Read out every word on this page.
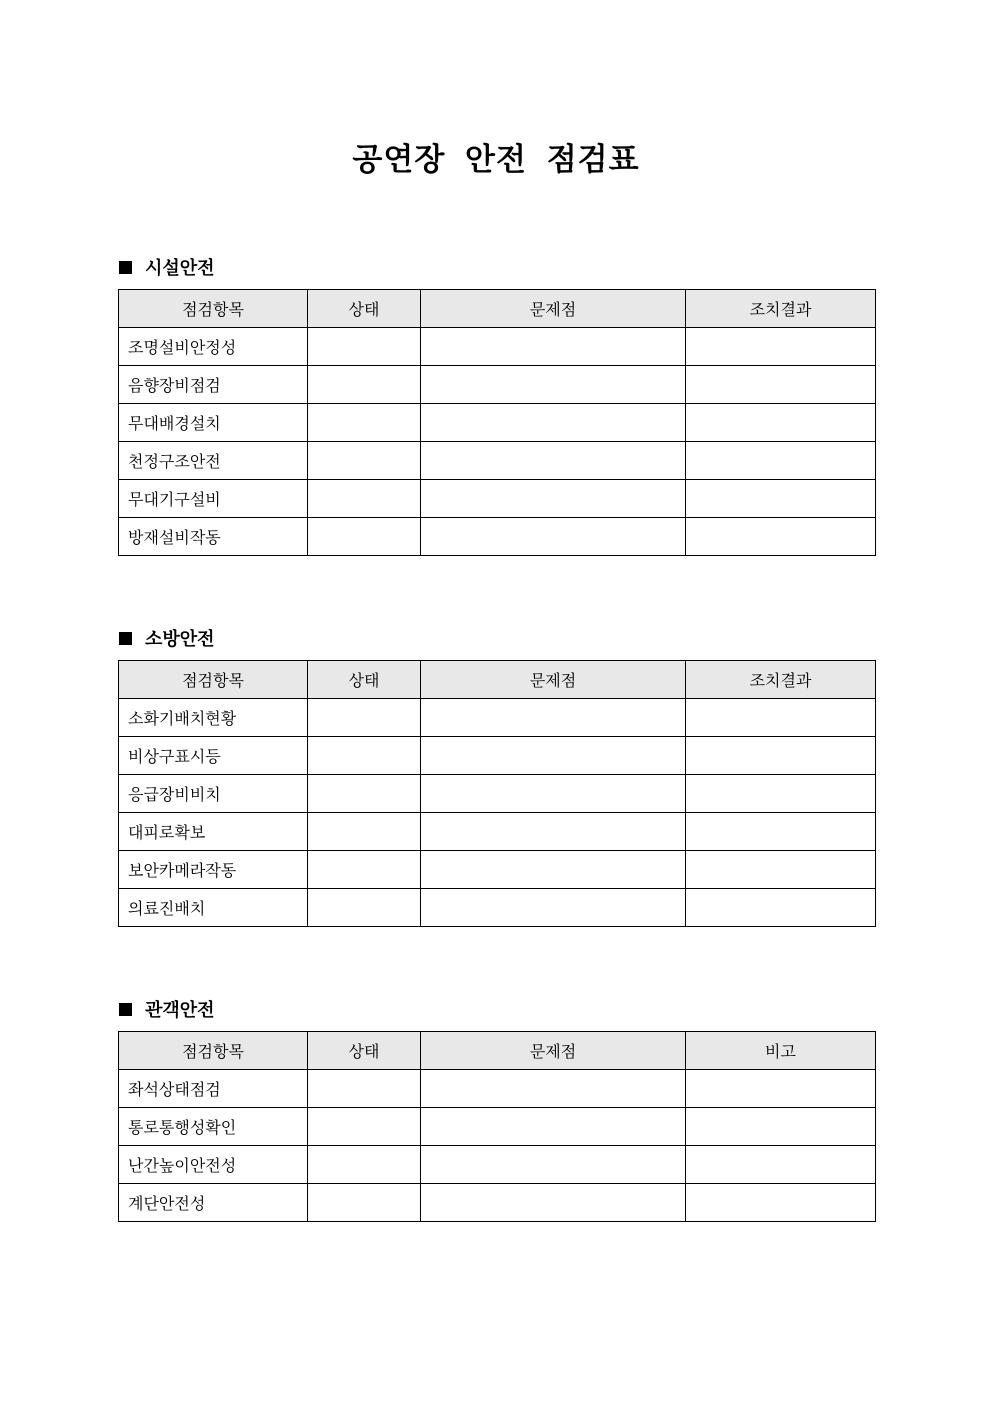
공연장 안전 점검표
시설안전
점검항목	상태	문제점	조치결과
조명설비안정성			
음향장비점검			
무대배경설치			
천정구조안전			
무대기구설비			
방재설비작동			
소방안전
점검항목	상태	문제점	조치결과
소화기배치현황			
비상구표시등			
응급장비비치			
대피로확보			
보안카메라작동			
의료진배치			
관객안전
점검항목	상태	문제점	비고
좌석상태점검			
통로통행성확인			
난간높이안전성			
계단안전성			
